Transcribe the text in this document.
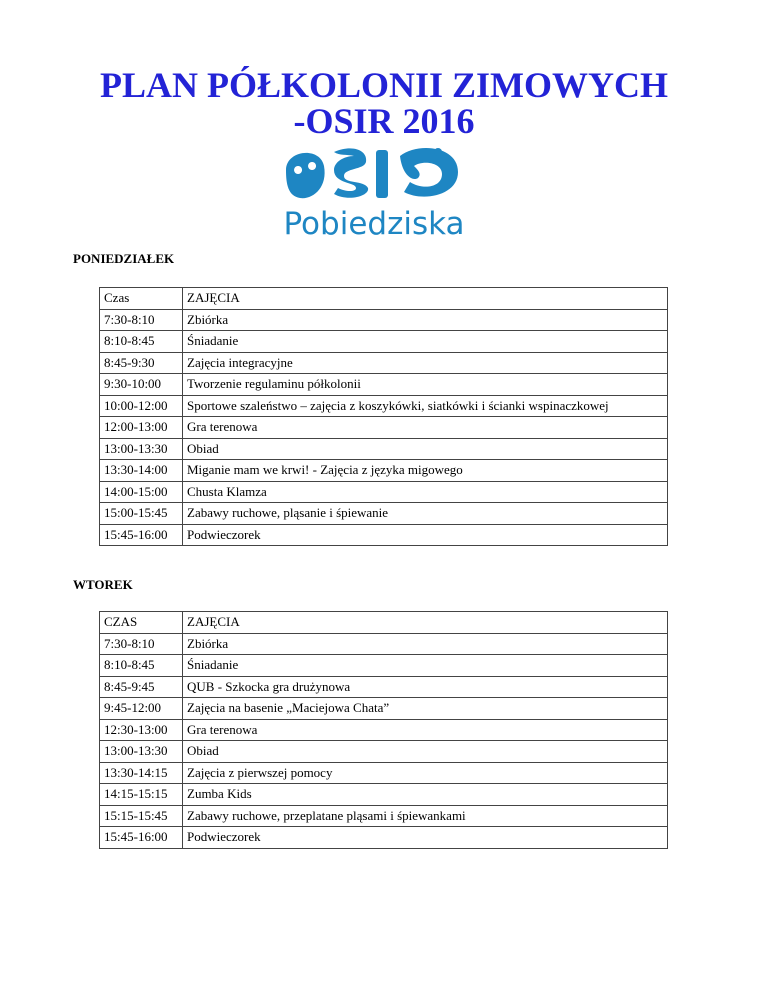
PLAN PÓŁKOLONII ZIMOWYCH
-OSIR 2016
Pobiedziska
PONIEDZIAŁEK
Czas	ZAJĘCIA
7:30-8:10	Zbiórka
8:10-8:45	Śniadanie
8:45-9:30	Zajęcia integracyjne
9:30-10:00	Tworzenie regulaminu półkolonii
10:00-12:00	Sportowe szaleństwo – zajęcia z koszykówki, siatkówki i ścianki wspinaczkowej
12:00-13:00	Gra terenowa
13:00-13:30	Obiad
13:30-14:00	Miganie mam we krwi! - Zajęcia z języka migowego
14:00-15:00	Chusta Klamza
15:00-15:45	Zabawy ruchowe, pląsanie i śpiewanie
15:45-16:00	Podwieczorek
WTOREK
CZAS	ZAJĘCIA
7:30-8:10	Zbiórka
8:10-8:45	Śniadanie
8:45-9:45	QUB - Szkocka gra drużynowa
9:45-12:00	Zajęcia na basenie „Maciejowa Chata”
12:30-13:00	Gra terenowa
13:00-13:30	Obiad
13:30-14:15	Zajęcia z pierwszej pomocy
14:15-15:15	Zumba Kids
15:15-15:45	Zabawy ruchowe, przeplatane pląsami i śpiewankami
15:45-16:00	Podwieczorek
